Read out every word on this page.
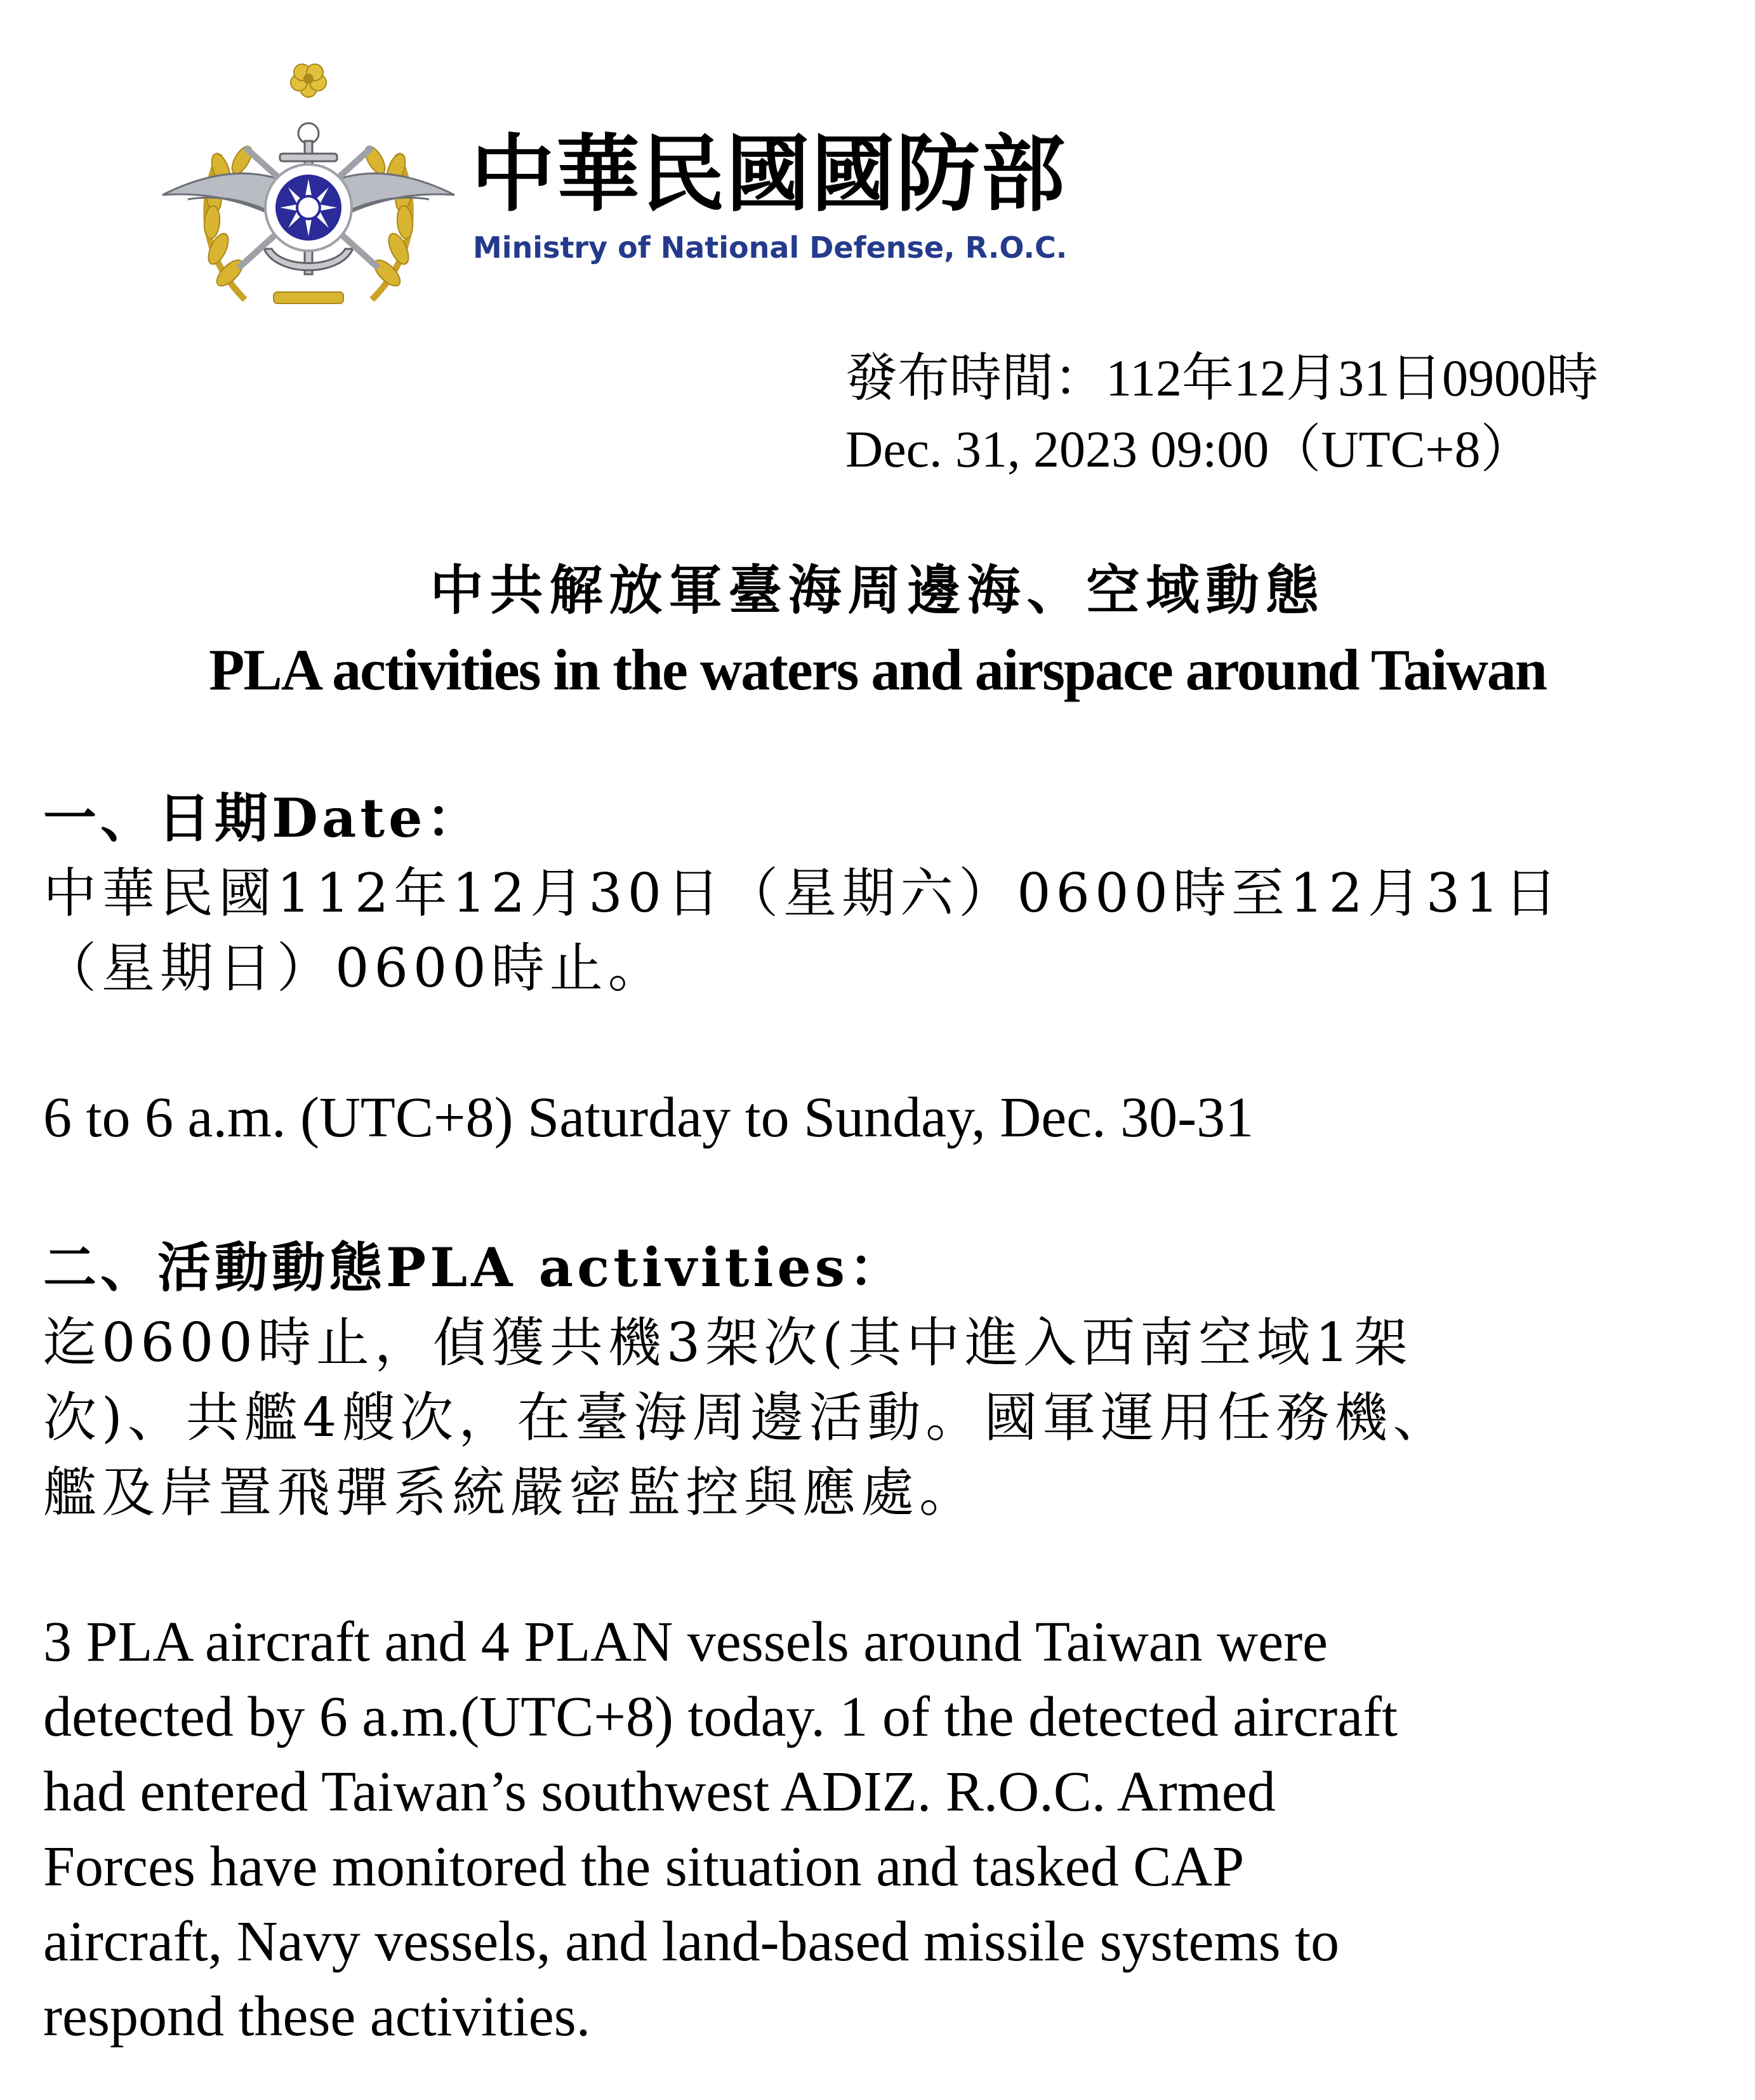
中華民國國防部
Ministry of National Defense, R.O.C.
發布時間：112年12月31日0900時
Dec. 31, 2023 09:00（UTC+8）
中共解放軍臺海周邊海、空域動態
PLA activities in the waters and airspace around Taiwan
一、日期Date：
中華民國112年12月30日（星期六）0600時至12月31日
（星期日）0600時止。
6 to 6 a.m. (UTC+8) Saturday to Sunday, Dec. 30-31
二、活動動態PLA activities：
迄0600時止，偵獲共機3架次(其中進入西南空域1架
次)、共艦4艘次，在臺海周邊活動。國軍運用任務機、
艦及岸置飛彈系統嚴密監控與應處。
3 PLA aircraft and 4 PLAN vessels around Taiwan were
detected by 6 a.m.(UTC+8) today. 1 of the detected aircraft
had entered Taiwan’s southwest ADIZ. R.O.C. Armed
Forces have monitored the situation and tasked CAP
aircraft, Navy vessels, and land-based missile systems to
respond these activities.
